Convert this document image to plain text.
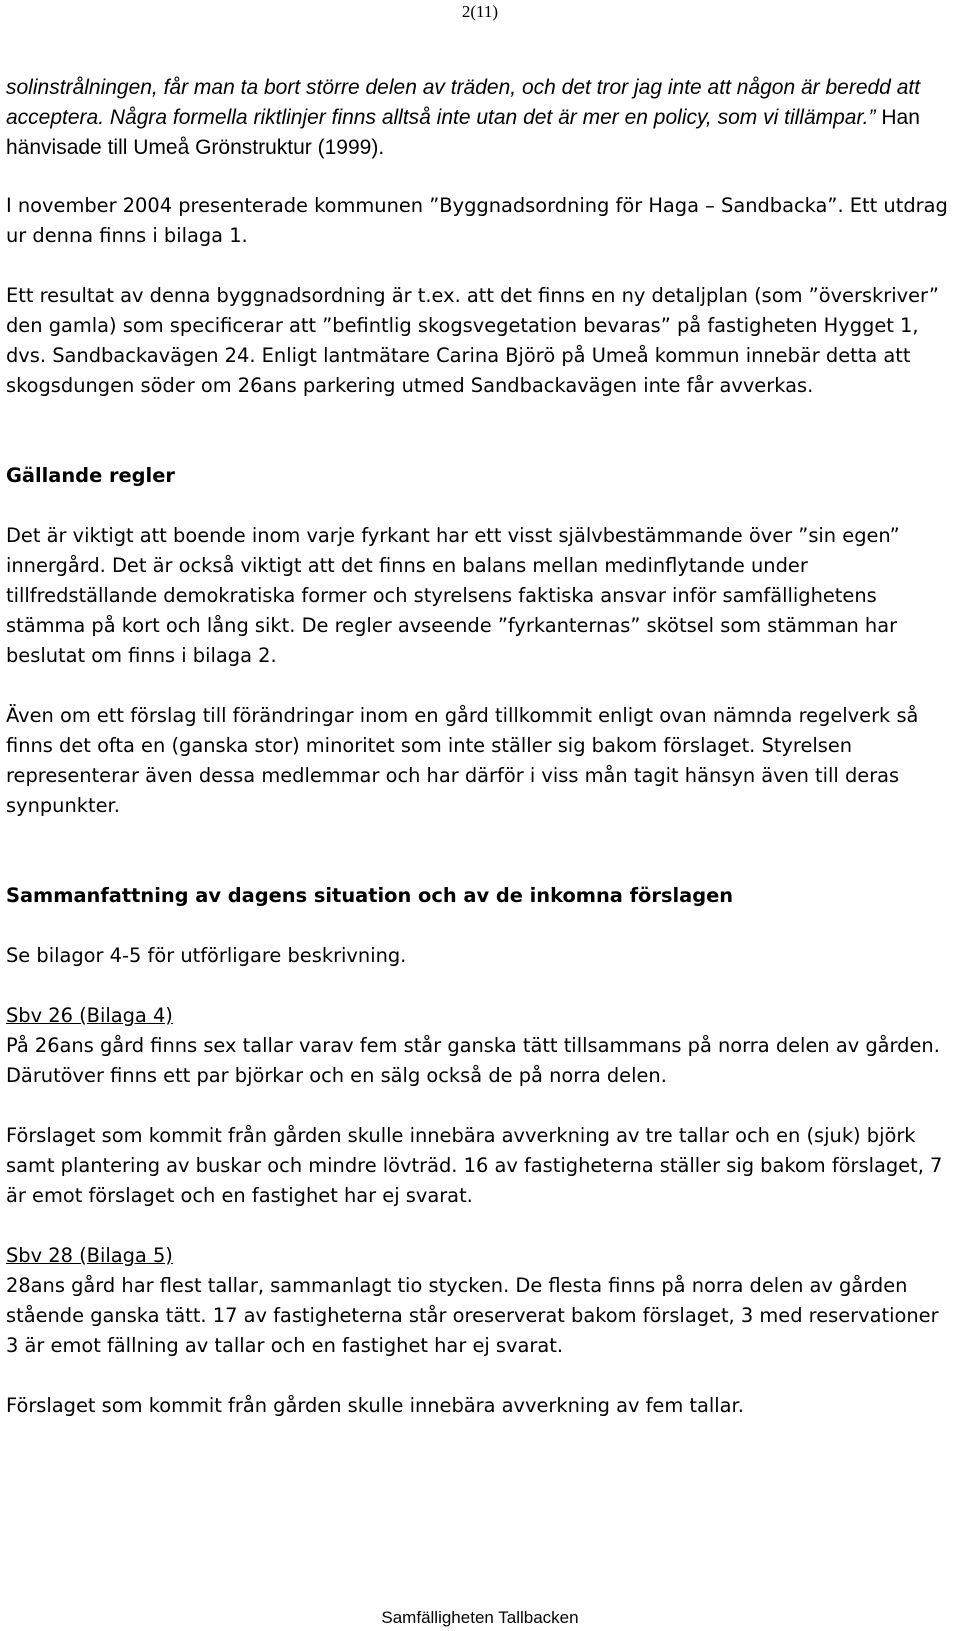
2(11)

solinstrålningen, får man ta bort större delen av träden, och det tror jag inte att någon är beredd att acceptera. Några formella riktlinjer finns alltså inte utan det är mer en policy, som vi tillämpar.” Han hänvisade till Umeå Grönstruktur (1999).

I november 2004 presenterade kommunen ”Byggnadsordning för Haga – Sandbacka”. Ett utdrag ur denna finns i bilaga 1.

Ett resultat av denna byggnadsordning är t.ex. att det finns en ny detaljplan (som ”överskriver” den gamla) som specificerar att ”befintlig skogsvegetation bevaras” på fastigheten Hygget 1, dvs. Sandbackavägen 24. Enligt lantmätare Carina Björö på Umeå kommun innebär detta att skogsdungen söder om 26ans parkering utmed Sandbackavägen inte får avverkas.

Gällande regler

Det är viktigt att boende inom varje fyrkant har ett visst självbestämmande över ”sin egen” innergård. Det är också viktigt att det finns en balans mellan medinflytande under tillfredställande demokratiska former och styrelsens faktiska ansvar inför samfällighetens stämma på kort och lång sikt. De regler avseende ”fyrkanternas” skötsel som stämman har beslutat om finns i bilaga 2.

Även om ett förslag till förändringar inom en gård tillkommit enligt ovan nämnda regelverk så finns det ofta en (ganska stor) minoritet som inte ställer sig bakom förslaget. Styrelsen representerar även dessa medlemmar och har därför i viss mån tagit hänsyn även till deras synpunkter.

Sammanfattning av dagens situation och av de inkomna förslagen

Se bilagor 4-5 för utförligare beskrivning.

Sbv 26 (Bilaga 4)

På 26ans gård finns sex tallar varav fem står ganska tätt tillsammans på norra delen av gården. Därutöver finns ett par björkar och en sälg också de på norra delen.

Förslaget som kommit från gården skulle innebära avverkning av tre tallar och en (sjuk) björk samt plantering av buskar och mindre lövträd. 16 av fastigheterna ställer sig bakom förslaget, 7 är emot förslaget och en fastighet har ej svarat.

Sbv 28 (Bilaga 5)

28ans gård har flest tallar, sammanlagt tio stycken. De flesta finns på norra delen av gården stående ganska tätt. 17 av fastigheterna står oreserverat bakom förslaget, 3 med reservationer 3 är emot fällning av tallar och en fastighet har ej svarat.

Förslaget som kommit från gården skulle innebära avverkning av fem tallar.

Samfälligheten Tallbacken
